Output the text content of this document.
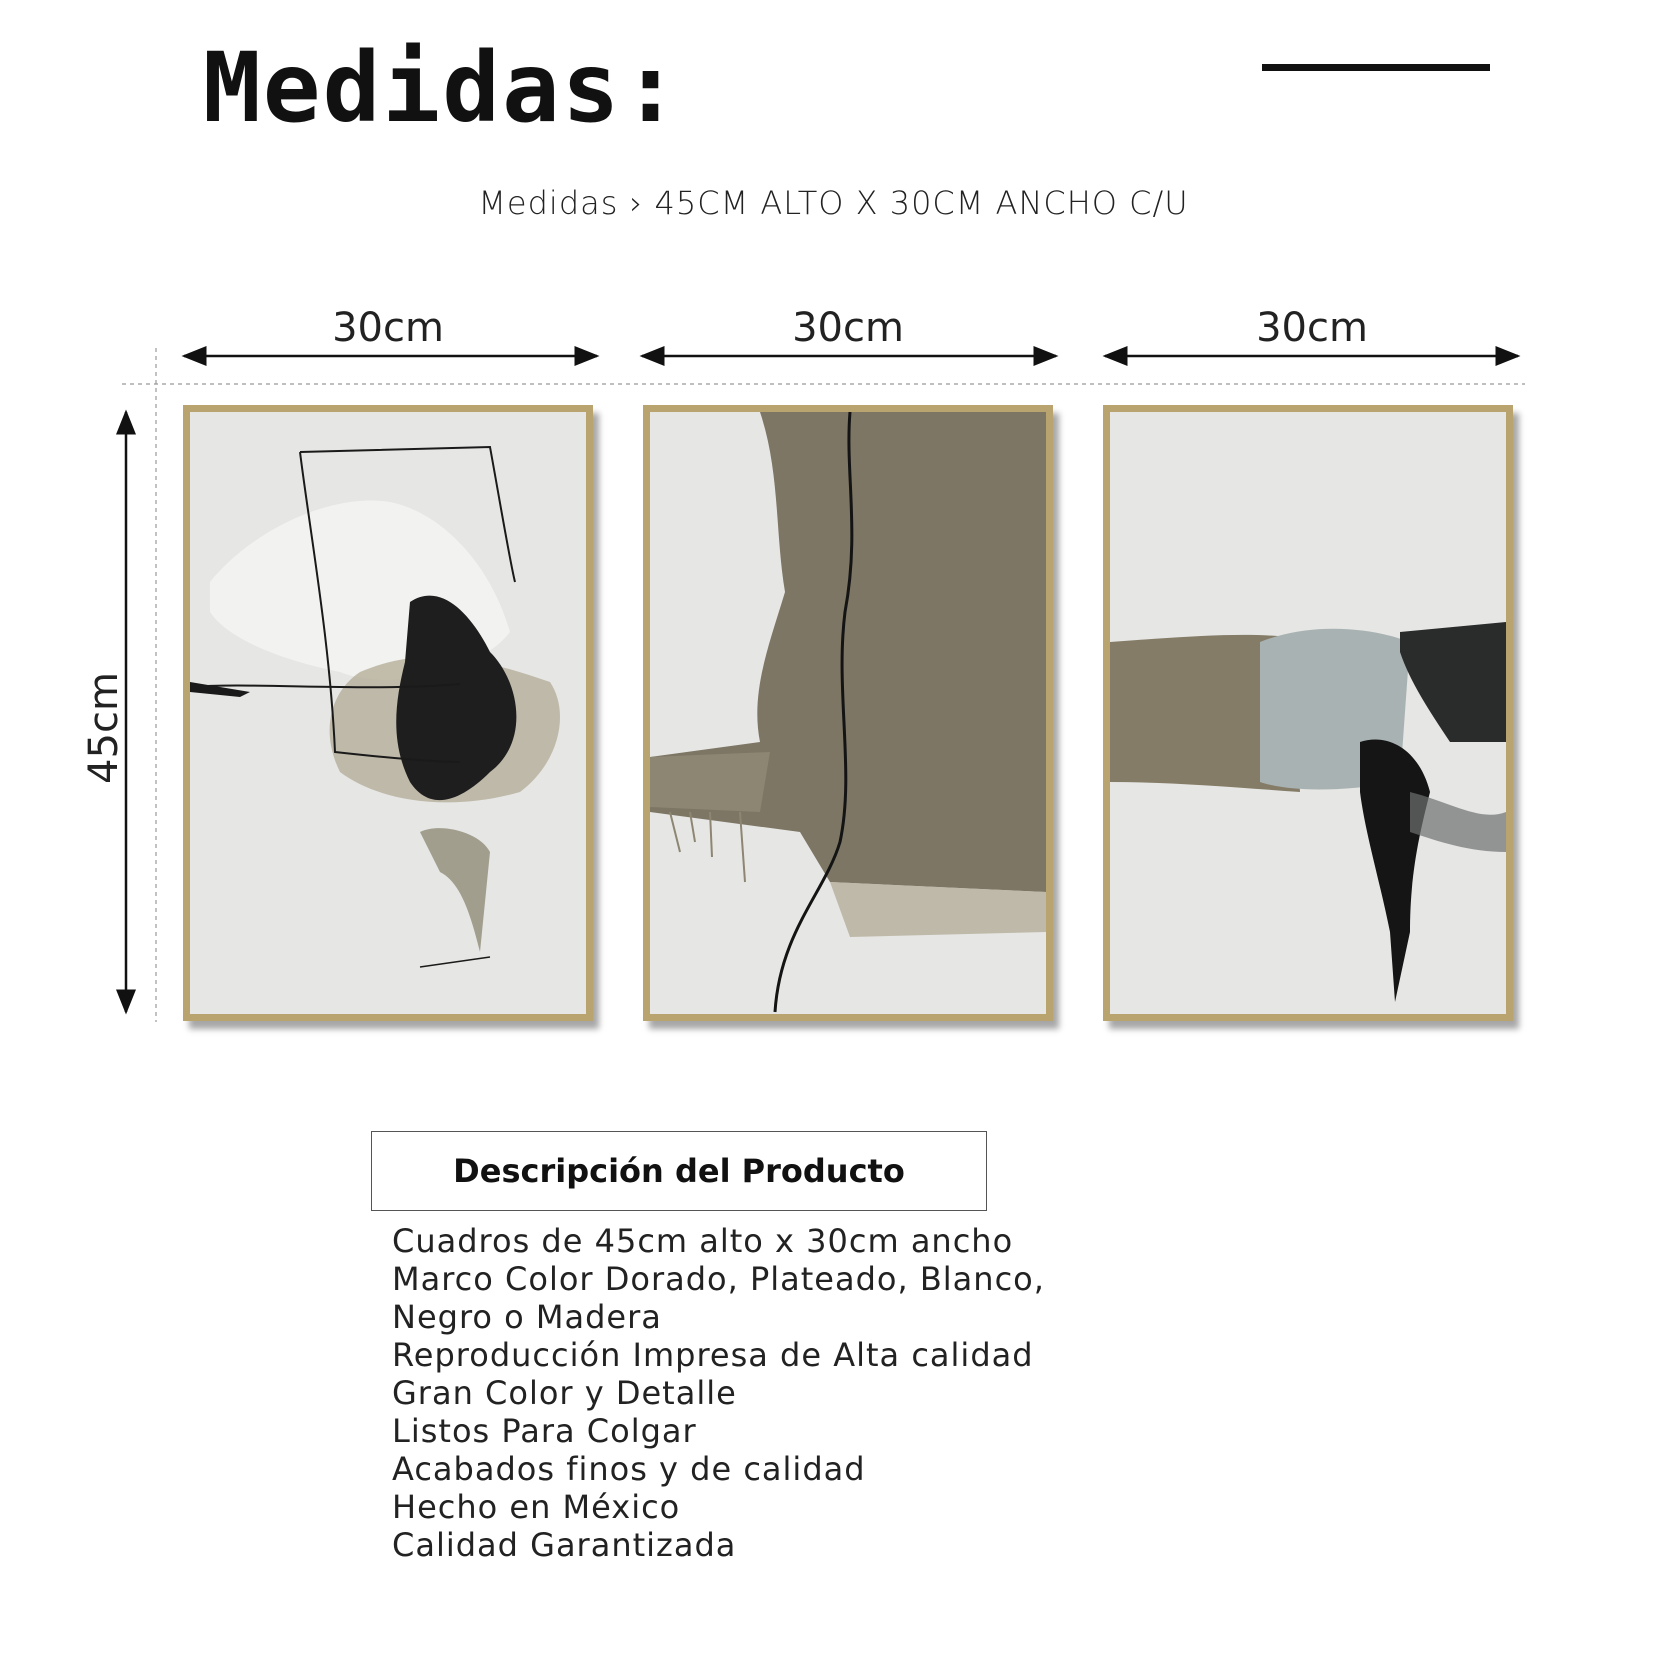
Medidas:
Medidas › 45CM ALTO X 30CM ANCHO C/U
30cm	30cm	30cm
45cm
Descripción del Producto
Cuadros de 45cm alto x 30cm ancho
Marco Color Dorado, Plateado, Blanco,
Negro o Madera
Reproducción Impresa de Alta calidad
Gran Color y Detalle
Listos Para Colgar
Acabados finos y de calidad
Hecho en México
Calidad Garantizada
